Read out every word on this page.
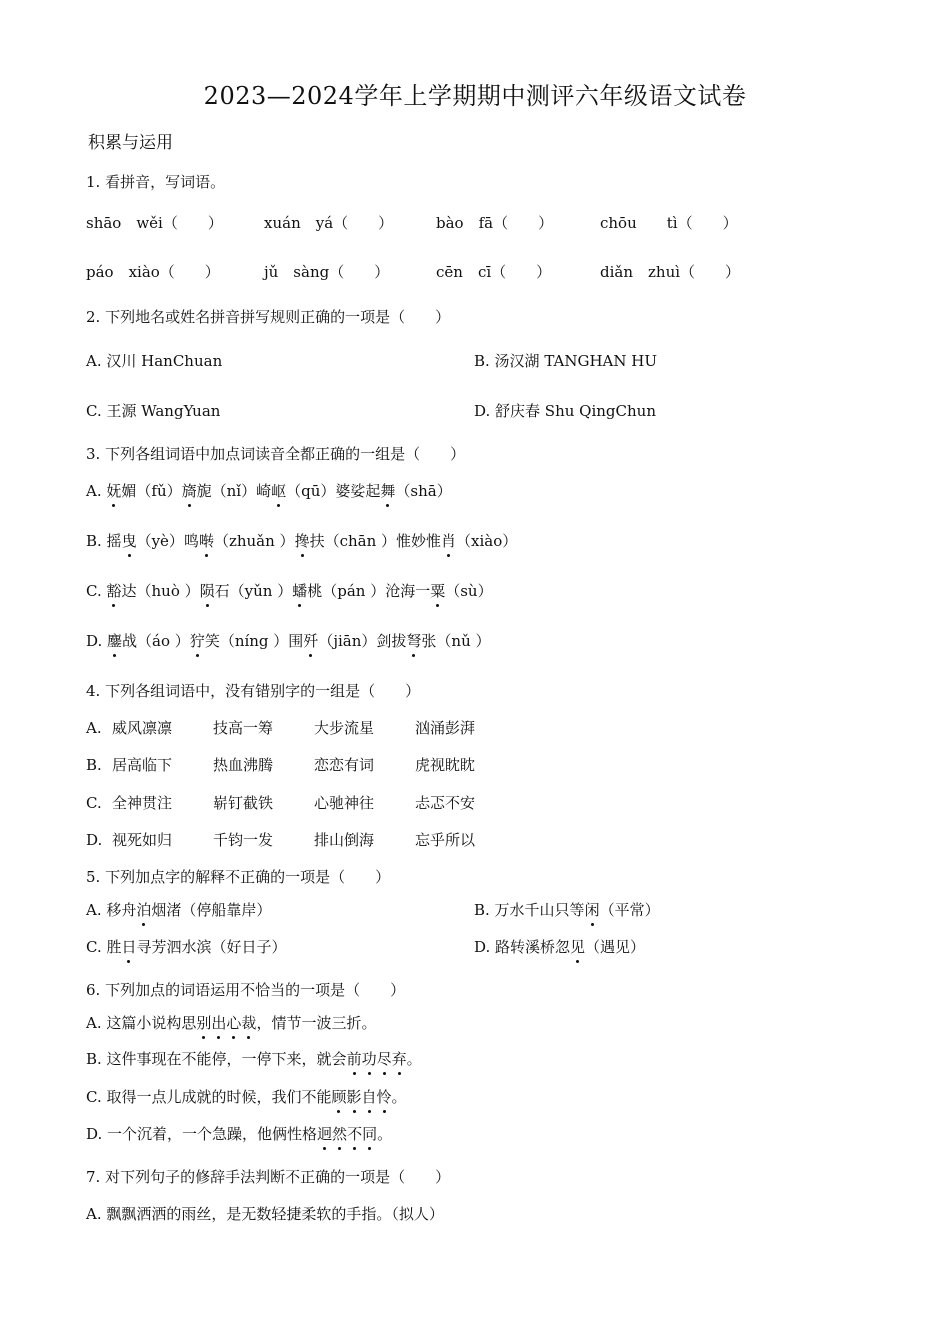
2023—2024学年上学期期中测评六年级语文试卷
积累与运用
1. 看拼音，写词语。
shāo　wěi（　　）	xuán　yá（　　）	bào　fā（　　）	chōu　　tì（　　）
páo　xiào（　　）	jǔ　sàng（　　）	cēn　cī（　　）	diǎn　zhuì（　　）
2. 下列地名或姓名拼音拼写规则正确的一项是（　　）
A. 汉川 HanChuan	B. 汤汉湖 TANGHAN HU
C. 王源 WangYuan	D. 舒庆春 Shu QingChun
3. 下列各组词语中加点词读音全都正确的一组是（　　）
A. 妩媚（fǔ）旖旎（nǐ）崎岖（qū）婆娑起舞（shā）
B. 摇曳（yè）鸣啭（zhuǎn ）搀扶（chān ）惟妙惟肖（xiào）
C. 豁达（huò ）陨石（yǔn ）蟠桃（pán ）沧海一粟（sù）
D. 鏖战（áo ）狞笑（níng ）围歼（jiān）剑拔弩张（nǔ ）
4. 下列各组词语中，没有错别字的一组是（　　）
A. 威风凛凛	技高一筹	大步流星	汹涌彭湃
B. 居高临下	热血沸腾	恋恋有词	虎视眈眈
C. 全神贯注	崭钉截铁	心驰神往	忐忑不安
D. 视死如归	千钧一发	排山倒海	忘乎所以
5. 下列加点字的解释不正确的一项是（　　）
A. 移舟泊烟渚（停船靠岸）	B. 万水千山只等闲（平常）
C. 胜日寻芳泗水滨（好日子）	D. 路转溪桥忽见（遇见）
6. 下列加点的词语运用不恰当的一项是（　　）
A. 这篇小说构思别出心裁，情节一波三折。
B. 这件事现在不能停，一停下来，就会前功尽弃。
C. 取得一点儿成就的时候，我们不能顾影自怜。
D. 一个沉着，一个急躁，他俩性格迥然不同。
7. 对下列句子的修辞手法判断不正确的一项是（　　）
A. 飘飘洒洒的雨丝，是无数轻捷柔软的手指。（拟人）
